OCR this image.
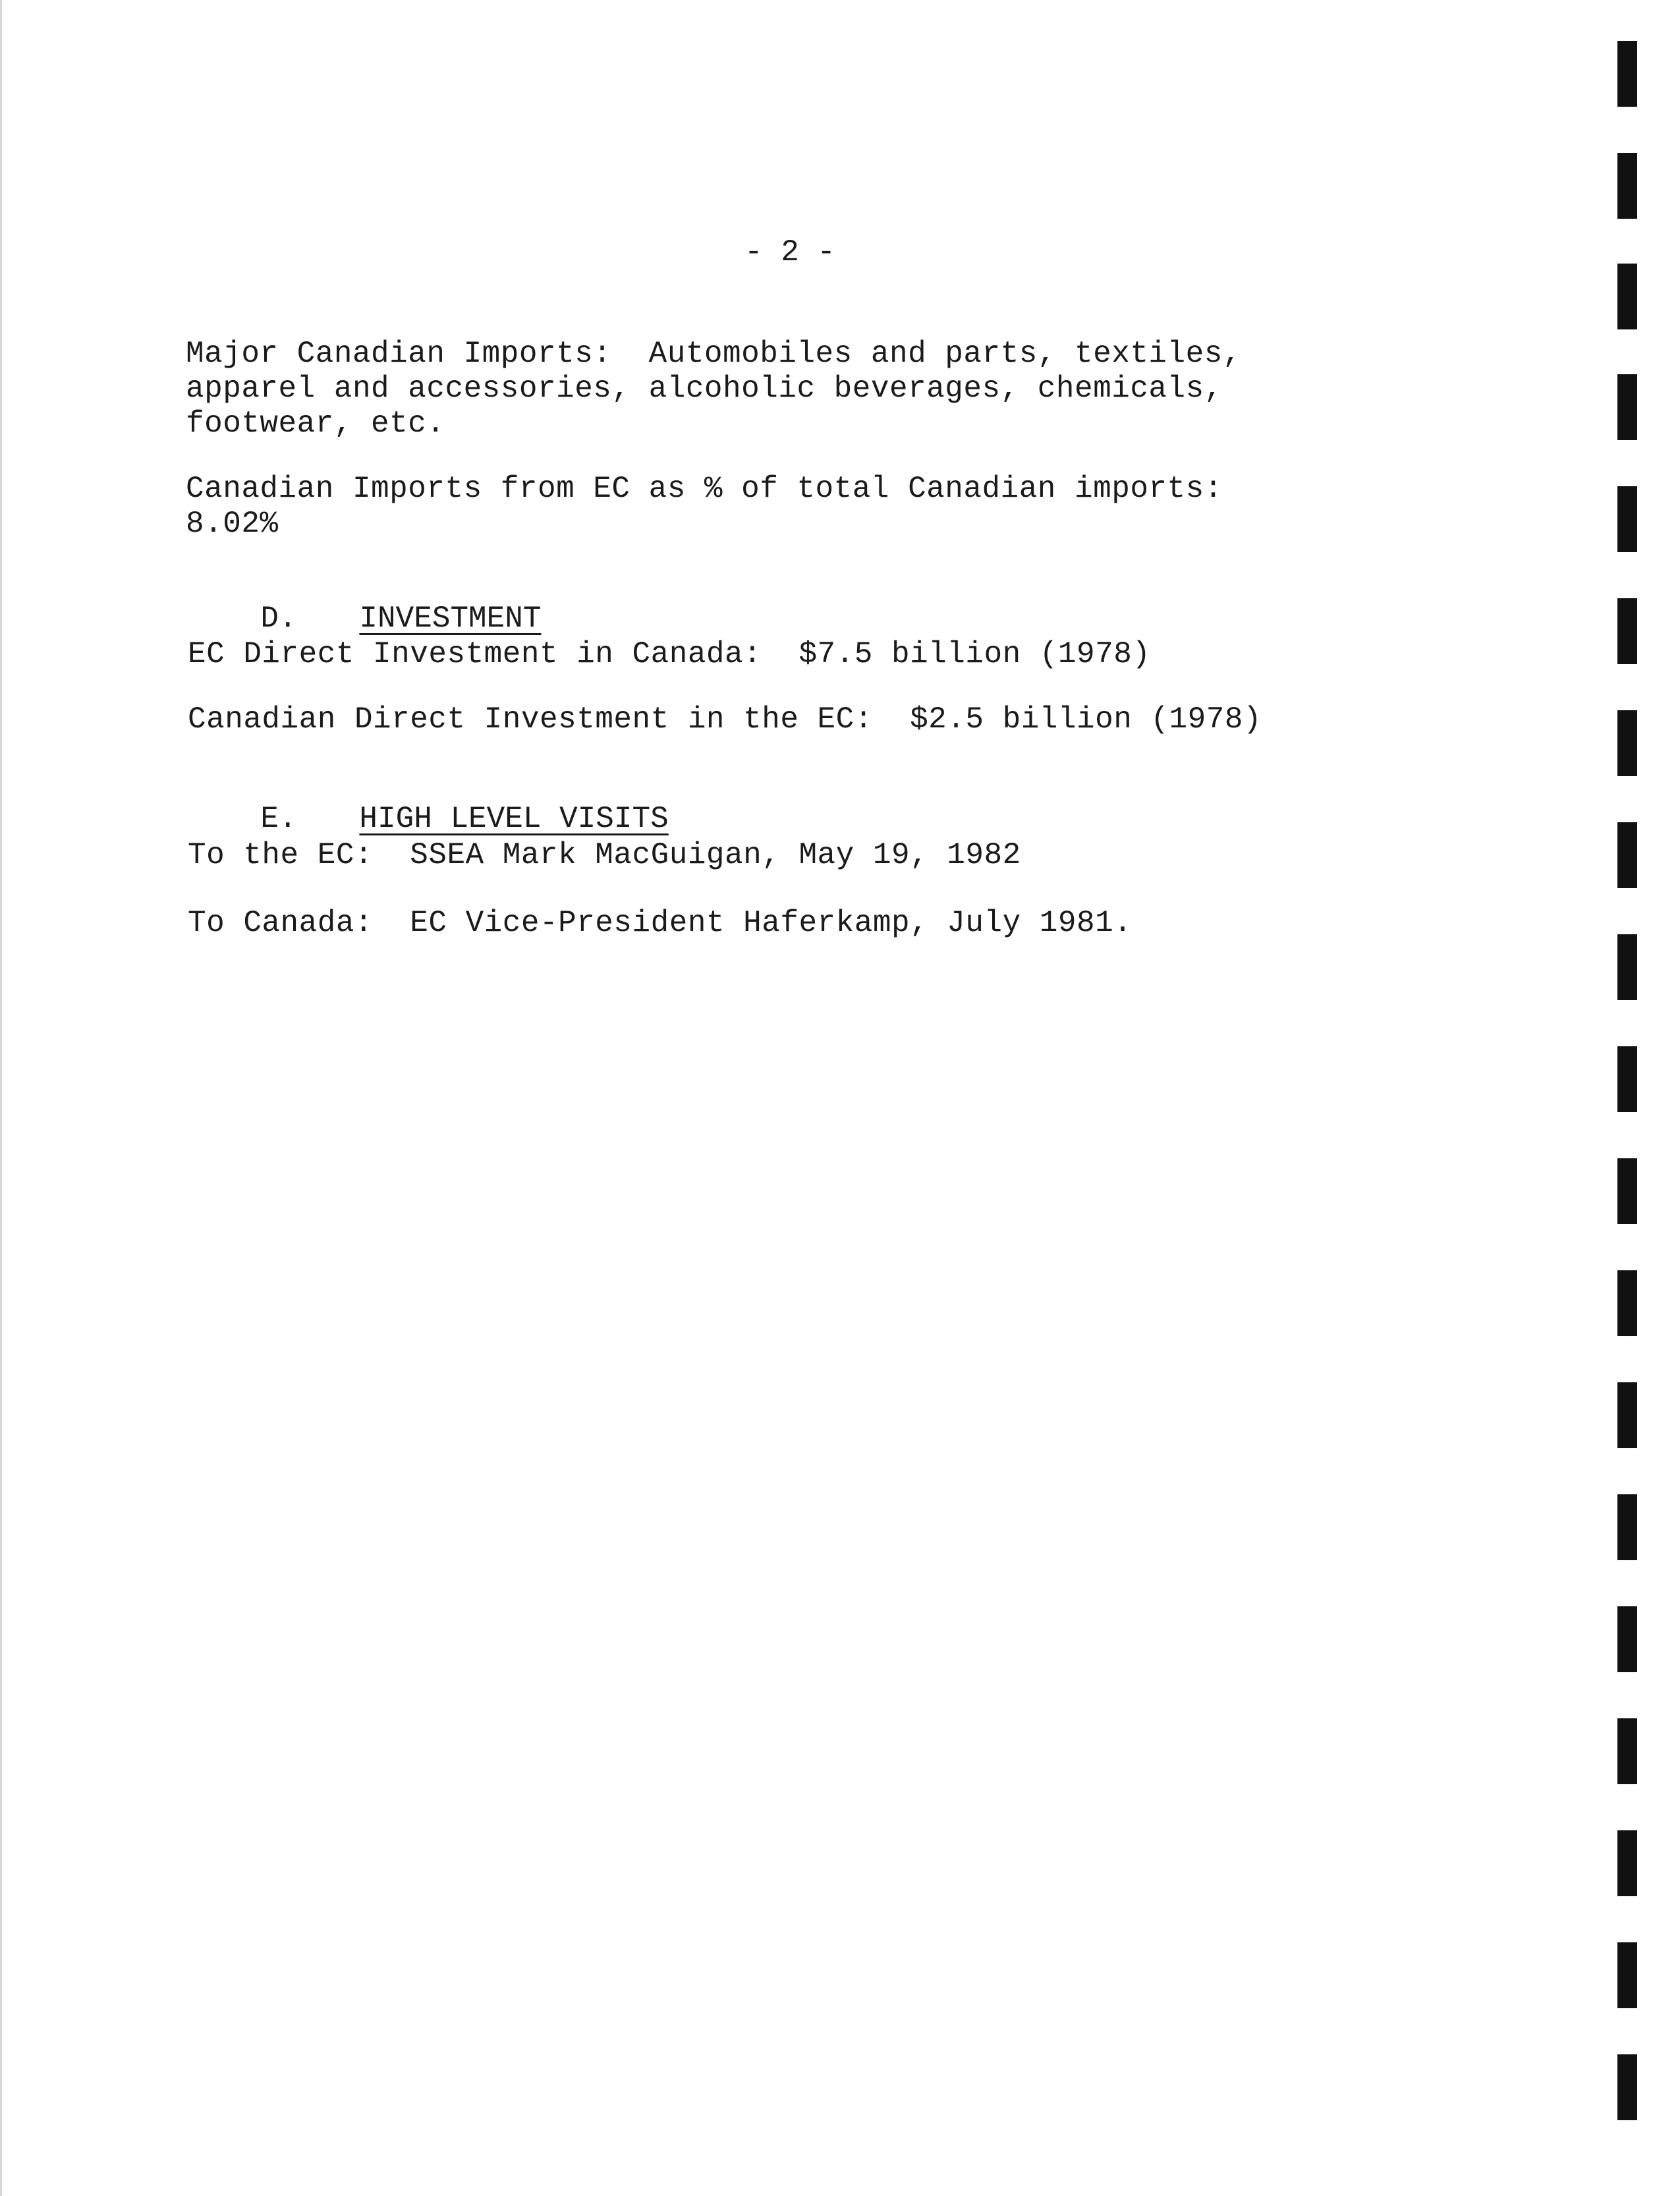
- 2 -
Major Canadian Imports:  Automobiles and parts, textiles,
apparel and accessories, alcoholic beverages, chemicals,
footwear, etc.
Canadian Imports from EC as % of total Canadian imports:
8.02%

D. INVESTMENT

EC Direct Investment in Canada:  $7.5 billion (1978)
Canadian Direct Investment in the EC:  $2.5 billion (1978)

E. HIGH LEVEL VISITS

To the EC:  SSEA Mark MacGuigan, May 19, 1982
To Canada:  EC Vice-President Haferkamp, July 1981.
